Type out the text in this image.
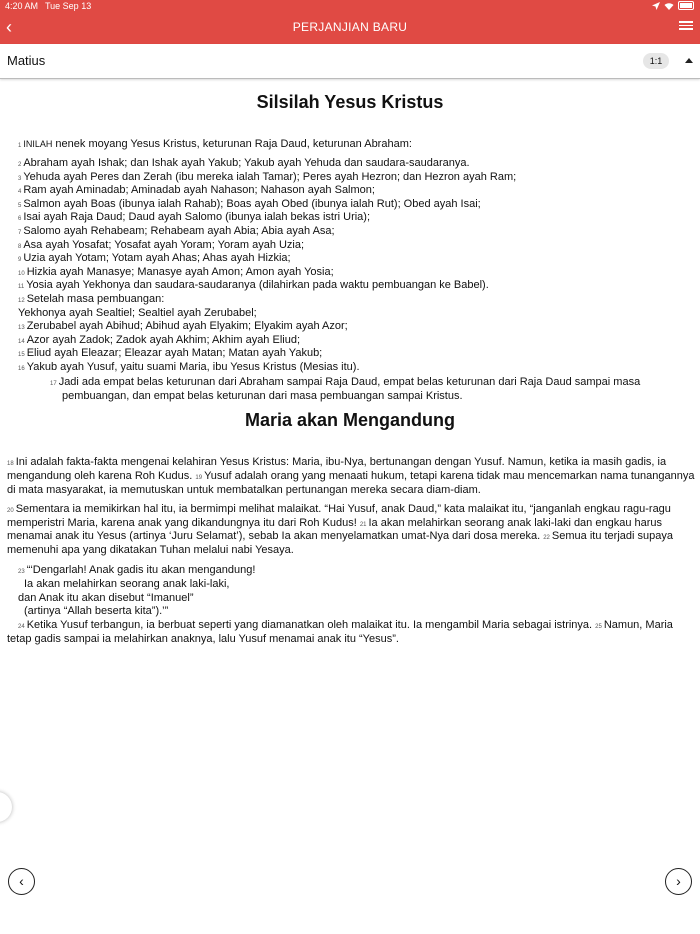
4:20 AM Tue Sep 13
‹	PERJANJIAN BARU
Matius	1:1
Silsilah Yesus Kristus
1 INILAH nenek moyang Yesus Kristus, keturunan Raja Daud, keturunan Abraham:
2 Abraham ayah Ishak; dan Ishak ayah Yakub; Yakub ayah Yehuda dan saudara-saudaranya.
3 Yehuda ayah Peres dan Zerah (ibu mereka ialah Tamar); Peres ayah Hezron; dan Hezron ayah Ram;
4 Ram ayah Aminadab; Aminadab ayah Nahason; Nahason ayah Salmon;
5 Salmon ayah Boas (ibunya ialah Rahab); Boas ayah Obed (ibunya ialah Rut); Obed ayah Isai;
6 Isai ayah Raja Daud; Daud ayah Salomo (ibunya ialah bekas istri Uria);
7 Salomo ayah Rehabeam; Rehabeam ayah Abia; Abia ayah Asa;
8 Asa ayah Yosafat; Yosafat ayah Yoram; Yoram ayah Uzia;
9 Uzia ayah Yotam; Yotam ayah Ahas; Ahas ayah Hizkia;
10 Hizkia ayah Manasye; Manasye ayah Amon; Amon ayah Yosia;
11 Yosia ayah Yekhonya dan saudara-saudaranya (dilahirkan pada waktu pembuangan ke Babel).
12 Setelah masa pembuangan:
Yekhonya ayah Sealtiel; Sealtiel ayah Zerubabel;
13 Zerubabel ayah Abihud; Abihud ayah Elyakim; Elyakim ayah Azor;
14 Azor ayah Zadok; Zadok ayah Akhim; Akhim ayah Eliud;
15 Eliud ayah Eleazar; Eleazar ayah Matan; Matan ayah Yakub;
16 Yakub ayah Yusuf, yaitu suami Maria, ibu Yesus Kristus (Mesias itu).
17 Jadi ada empat belas keturunan dari Abraham sampai Raja Daud, empat belas keturunan dari Raja Daud sampai masa
pembuangan, dan empat belas keturunan dari masa pembuangan sampai Kristus.
Maria akan Mengandung
18 Ini adalah fakta-fakta mengenai kelahiran Yesus Kristus: Maria, ibu-Nya, bertunangan dengan Yusuf. Namun, ketika ia masih gadis, ia
mengandung oleh karena Roh Kudus. 19 Yusuf adalah orang yang menaati hukum, tetapi karena tidak mau mencemarkan nama tunangannya
di mata masyarakat, ia memutuskan untuk membatalkan pertunangan mereka secara diam-diam.
20 Sementara ia memikirkan hal itu, ia bermimpi melihat malaikat. “Hai Yusuf, anak Daud,” kata malaikat itu, “janganlah engkau ragu-ragu
memperistri Maria, karena anak yang dikandungnya itu dari Roh Kudus! 21 Ia akan melahirkan seorang anak laki-laki dan engkau harus
menamai anak itu Yesus (artinya ‘Juru Selamat’), sebab Ia akan menyelamatkan umat-Nya dari dosa mereka. 22 Semua itu terjadi supaya
memenuhi apa yang dikatakan Tuhan melalui nabi Yesaya.
23 “‘Dengarlah! Anak gadis itu akan mengandung!
Ia akan melahirkan seorang anak laki-laki,
dan Anak itu akan disebut “Imanuel”
(artinya “Allah beserta kita”).’”
24 Ketika Yusuf terbangun, ia berbuat seperti yang diamanatkan oleh malaikat itu. Ia mengambil Maria sebagai istrinya. 25 Namun, Maria
tetap gadis sampai ia melahirkan anaknya, lalu Yusuf menamai anak itu “Yesus”.
‹	›
